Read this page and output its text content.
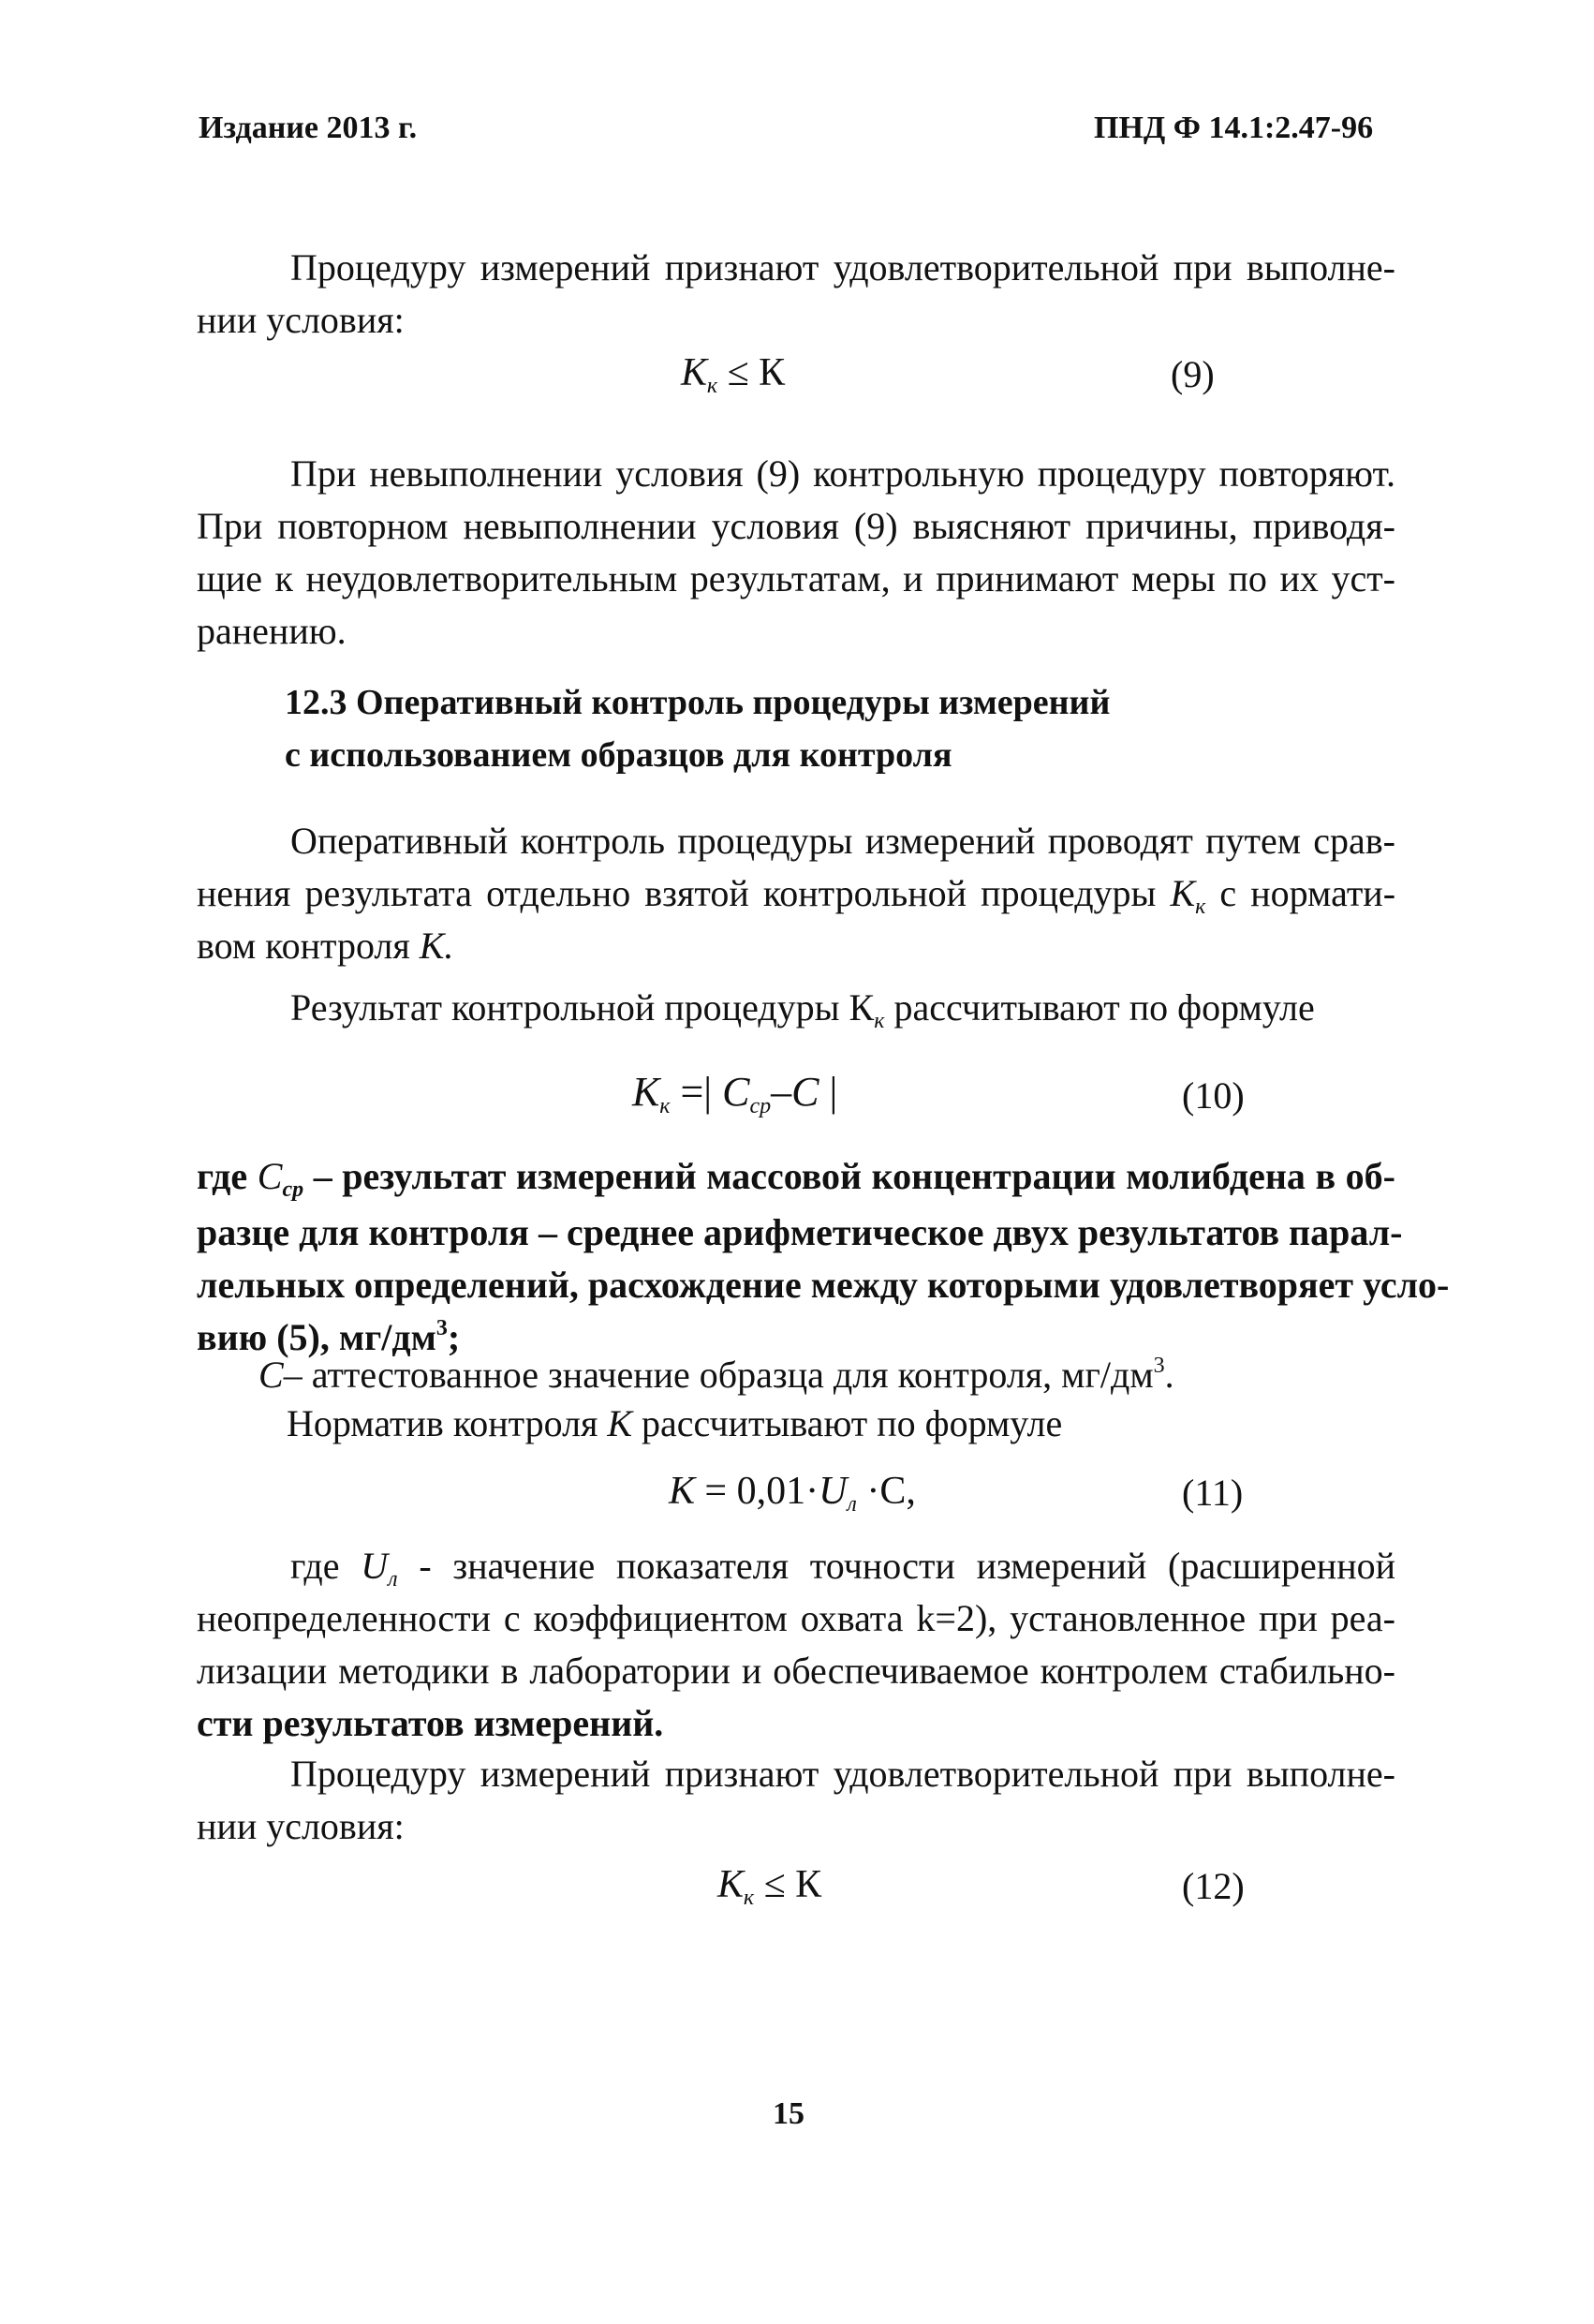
Издание 2013 г.	ПНД Ф 14.1:2.47-96
Процедуру измерений признают удовлетворительной при выполне-
нии условия:
$К_к \le К$	(9)
При невыполнении условия (9) контрольную процедуру повторяют.
При повторном невыполнении условия (9) выясняют причины, приводя-
щие к неудовлетворительным результатам, и принимают меры по их уст-
ранению.
12.3 Оперативный контроль процедуры измерений
с использованием образцов для контроля
Оперативный контроль процедуры измерений проводят путем срав-
нения результата отдельно взятой контрольной процедуры $К_к$ с нормати-
вом контроля К.
Результат контрольной процедуры $К_к$ рассчитывают по формуле
$К_к$ =| $С_{ср}-С$ |	(10)
где $С_{ср}$ – результат измерений массовой концентрации молибдена в об-
разце для контроля – среднее арифметическое двух результатов парал-
лельных определений, расхождение между которыми удовлетворяет усло-
вию (5), $мг/дм^3$;
С– аттестованное значение образца для контроля, $мг/дм^3$.
Норматив контроля К рассчитывают по формуле
$К = 0,01\cdot U_л \cdot С$,	(11)
где $U_л$ - значение показателя точности измерений (расширенной
неопределенности с коэффициентом охвата k=2), установленное при реа-
лизации методики в лаборатории и обеспечиваемое контролем стабильно-
сти результатов измерений.
Процедуру измерений признают удовлетворительной при выполне-
нии условия:
$К_к \le К$	(12)
15
